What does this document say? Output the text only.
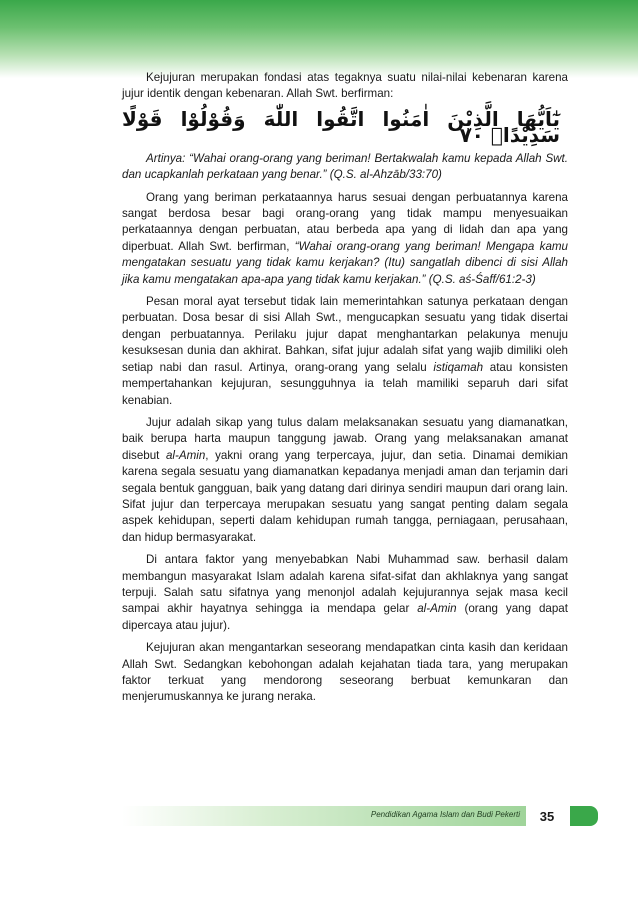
Kejujuran merupakan fondasi atas tegaknya suatu nilai-nilai kebenaran karena jujur identik dengan kebenaran. Allah Swt. berfirman:

يٰٓاَيُّهَا الَّذِيْنَ اٰمَنُوا اتَّقُوا اللّٰهَ وَقُوْلُوْا قَوْلًا سَدِيْدًاۙ ٧٠

Artinya: “Wahai orang-orang yang beriman! Bertakwalah kamu kepada Allah Swt. dan ucapkanlah perkataan yang benar.” (Q.S. al-Ahzāb/33:70)

Orang yang beriman perkataannya harus sesuai dengan perbuatannya karena sangat berdosa besar bagi orang-orang yang tidak mampu menyesuaikan perkataannya dengan perbuatan, atau berbeda apa yang di lidah dan apa yang diperbuat. Allah Swt. berfirman, “Wahai orang-orang yang beriman! Mengapa kamu mengatakan sesuatu yang tidak kamu kerjakan? (Itu) sangatlah dibenci di sisi Allah jika kamu mengatakan apa-apa yang tidak kamu kerjakan.” (Q.S. aś-Śaff/61:2-3)

Pesan moral ayat tersebut tidak lain memerintahkan satunya perkataan dengan perbuatan. Dosa besar di sisi Allah Swt., mengucapkan sesuatu yang tidak disertai dengan perbuatannya. Perilaku jujur dapat menghantarkan pelakunya menuju kesuksesan dunia dan akhirat. Bahkan, sifat jujur adalah sifat yang wajib dimiliki oleh setiap nabi dan rasul. Artinya, orang-orang yang selalu istiqamah atau konsisten mempertahankan kejujuran, sesungguhnya ia telah mamiliki separuh dari sifat kenabian.

Jujur adalah sikap yang tulus dalam melaksanakan sesuatu yang diamanatkan, baik berupa harta maupun tanggung jawab. Orang yang melaksanakan amanat disebut al-Amin, yakni orang yang terpercaya, jujur, dan setia. Dinamai demikian karena segala sesuatu yang diamanatkan kepadanya menjadi aman dan terjamin dari segala bentuk gangguan, baik yang datang dari dirinya sendiri maupun dari orang lain. Sifat jujur dan terpercaya merupakan sesuatu yang sangat penting dalam segala aspek kehidupan, seperti dalam kehidupan rumah tangga, perniagaan, perusahaan, dan hidup bermasyarakat.

Di antara faktor yang menyebabkan Nabi Muhammad saw. berhasil dalam membangun masyarakat Islam adalah karena sifat-sifat dan akhlaknya yang sangat terpuji. Salah satu sifatnya yang menonjol adalah kejujurannya sejak masa kecil sampai akhir hayatnya sehingga ia mendapa gelar al-Amin (orang yang dapat dipercaya atau jujur).

Kejujuran akan mengantarkan seseorang mendapatkan cinta kasih dan keridaan Allah Swt. Sedangkan kebohongan adalah kejahatan tiada tara, yang merupakan faktor terkuat yang mendorong seseorang berbuat kemunkaran dan menjerumuskannya ke jurang neraka.

Pendidikan Agama Islam dan Budi Pekerti	35
